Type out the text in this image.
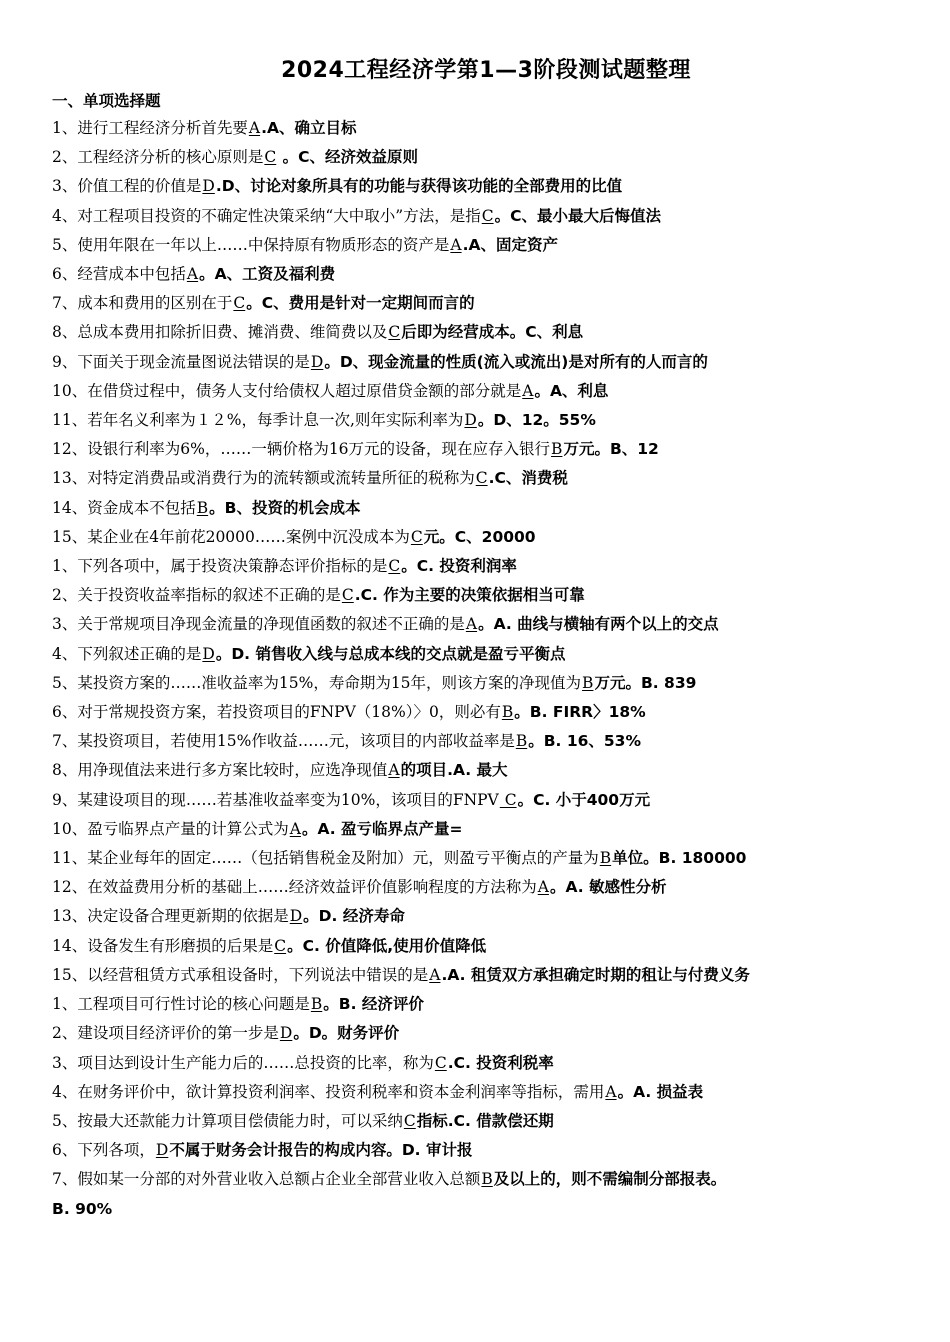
2024工程经济学第1—3阶段测试题整理
一、单项选择题
1、进行工程经济分析首先要A.A、确立目标
2、工程经济分析的核心原则是C 。C、经济效益原则
3、价值工程的价值是D.D、讨论对象所具有的功能与获得该功能的全部费用的比值
4、对工程项目投资的不确定性决策采纳“大中取小”方法，是指C。C、最小最大后悔值法
5、使用年限在一年以上……中保持原有物质形态的资产是A.A、固定资产
6、经营成本中包括A。A、工资及福利费
7、成本和费用的区别在于C。C、费用是针对一定期间而言的
8、总成本费用扣除折旧费、摊消费、维简费以及C后即为经营成本。C、利息
9、下面关于现金流量图说法错误的是D。D、现金流量的性质(流入或流出)是对所有的人而言的
10、在借贷过程中，债务人支付给债权人超过原借贷金额的部分就是A。A、利息
11、若年名义利率为１２%，每季计息一次,则年实际利率为D。D、12。55%
12、设银行利率为6%，……一辆价格为16万元的设备，现在应存入银行B万元。B、12
13、对特定消费品或消费行为的流转额或流转量所征的税称为C.C、消费税
14、资金成本不包括B。B、投资的机会成本
15、某企业在4年前花20000……案例中沉没成本为C元。C、20000
1、下列各项中，属于投资决策静态评价指标的是C。C. 投资利润率
2、关于投资收益率指标的叙述不正确的是C.C. 作为主要的决策依据相当可靠
3、关于常规项目净现金流量的净现值函数的叙述不正确的是A。A. 曲线与横轴有两个以上的交点
4、下列叙述正确的是D。D. 销售收入线与总成本线的交点就是盈亏平衡点
5、某投资方案的……准收益率为15%，寿命期为15年，则该方案的净现值为B万元。B. 839
6、对于常规投资方案，若投资项目的FNPV（18%）〉0，则必有B。B. FIRR〉18%
7、某投资项目，若使用15%作收益……元，该项目的内部收益率是B。B. 16、53%
8、用净现值法来进行多方案比较时，应选净现值A的项目.A. 最大
9、某建设项目的现……若基准收益率变为10%，该项目的FNPV C。C. 小于400万元
10、盈亏临界点产量的计算公式为A。A. 盈亏临界点产量=
11、某企业每年的固定……（包括销售税金及附加）元，则盈亏平衡点的产量为B单位。B. 180000
12、在效益费用分析的基础上……经济效益评价值影响程度的方法称为A。A. 敏感性分析
13、决定设备合理更新期的依据是D。D. 经济寿命
14、设备发生有形磨损的后果是C。C. 价值降低,使用价值降低
15、以经营租赁方式承租设备时，下列说法中错误的是A.A. 租赁双方承担确定时期的租让与付费义务
1、工程项目可行性讨论的核心问题是B。B. 经济评价
2、建设项目经济评价的第一步是D。D。财务评价
3、项目达到设计生产能力后的……总投资的比率，称为C.C. 投资利税率
4、在财务评价中，欲计算投资利润率、投资利税率和资本金利润率等指标，需用A。A. 损益表
5、按最大还款能力计算项目偿债能力时，可以采纳C指标.C. 借款偿还期
6、下列各项，D不属于财务会计报告的构成内容。D. 审计报
7、假如某一分部的对外营业收入总额占企业全部营业收入总额B及以上的，则不需编制分部报表。
B. 90%
